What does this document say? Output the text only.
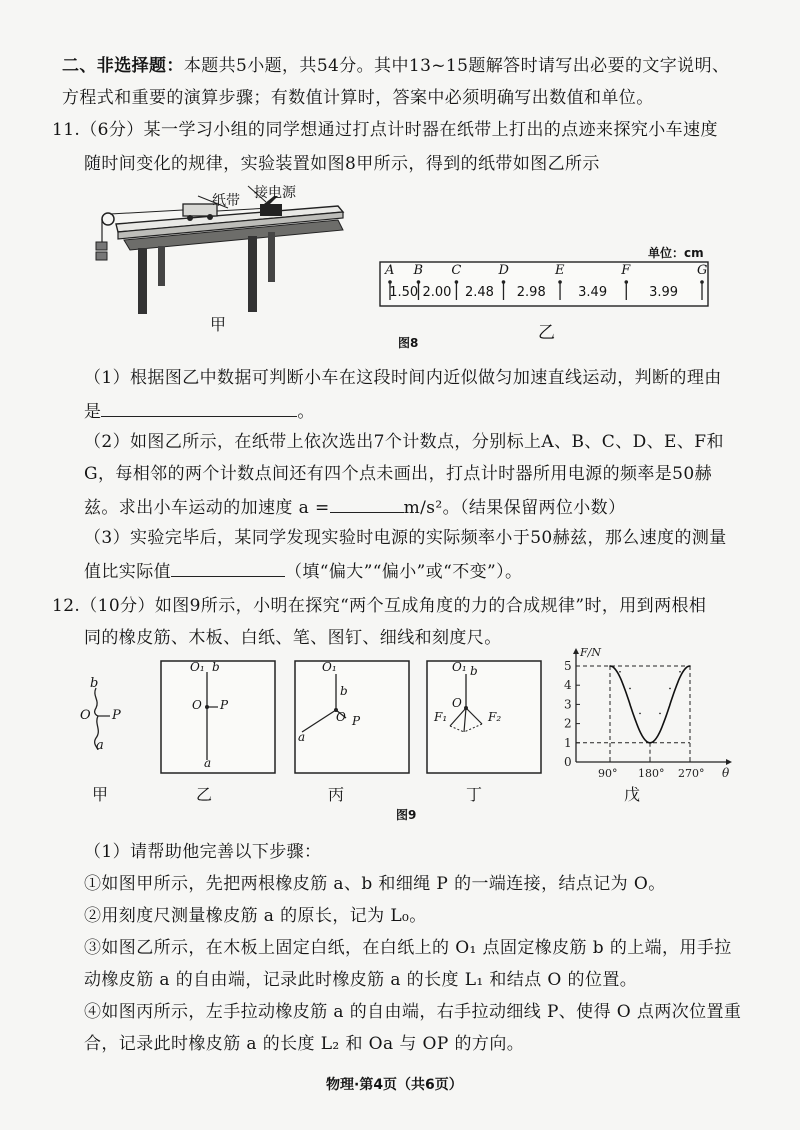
二、非选择题：本题共5小题，共54分。其中13~15题解答时请写出必要的文字说明、
方程式和重要的演算步骤；有数值计算时，答案中必须明确写出数值和单位。
11.（6分）某一学习小组的同学想通过打点计时器在纸带上打出的点迹来探究小车速度
随时间变化的规律，实验装置如图8甲所示，得到的纸带如图乙所示
纸带 接电源
甲
单位：cm
A B C	D	E	F	G
1.50 2.00 2.48 2.98 3.49	3.99
乙
图8
（1）根据图乙中数据可判断小车在这段时间内近似做匀加速直线运动，判断的理由
是	。
（2）如图乙所示，在纸带上依次选出7个计数点，分别标上A、B、C、D、E、F和
G，每相邻的两个计数点间还有四个点未画出，打点计时器所用电源的频率是50赫
兹。求出小车运动的加速度 a =	m/s²。（结果保留两位小数）
（3）实验完毕后，某同学发现实验时电源的实际频率小于50赫兹，那么速度的测量
值比实际值	（填“偏大”“偏小”或“不变”）。
12.（10分）如图9所示，小明在探究“两个互成角度的力的合成规律”时，用到两根相
同的橡皮筋、木板、白纸、笔、图钉、细线和刻度尺。
b
O P
a
O₁ b
O P
a
O₁
b
O P
a
O₁ b
O
F₁	F₂
0
1
2
3
4
5
90° 180° 270°
F/N
θ
甲	乙	丙	丁	戊
图9
（1）请帮助他完善以下步骤：
①如图甲所示，先把两根橡皮筋 a、b 和细绳 P 的一端连接，结点记为 O。
②用刻度尺测量橡皮筋 a 的原长，记为 L₀。
③如图乙所示，在木板上固定白纸，在白纸上的 O₁ 点固定橡皮筋 b 的上端，用手拉
动橡皮筋 a 的自由端，记录此时橡皮筋 a 的长度 L₁ 和结点 O 的位置。
④如图丙所示，左手拉动橡皮筋 a 的自由端，右手拉动细线 P、使得 O 点两次位置重
合，记录此时橡皮筋 a 的长度 L₂ 和 Oa 与 OP 的方向。
物理·第4页（共6页）
